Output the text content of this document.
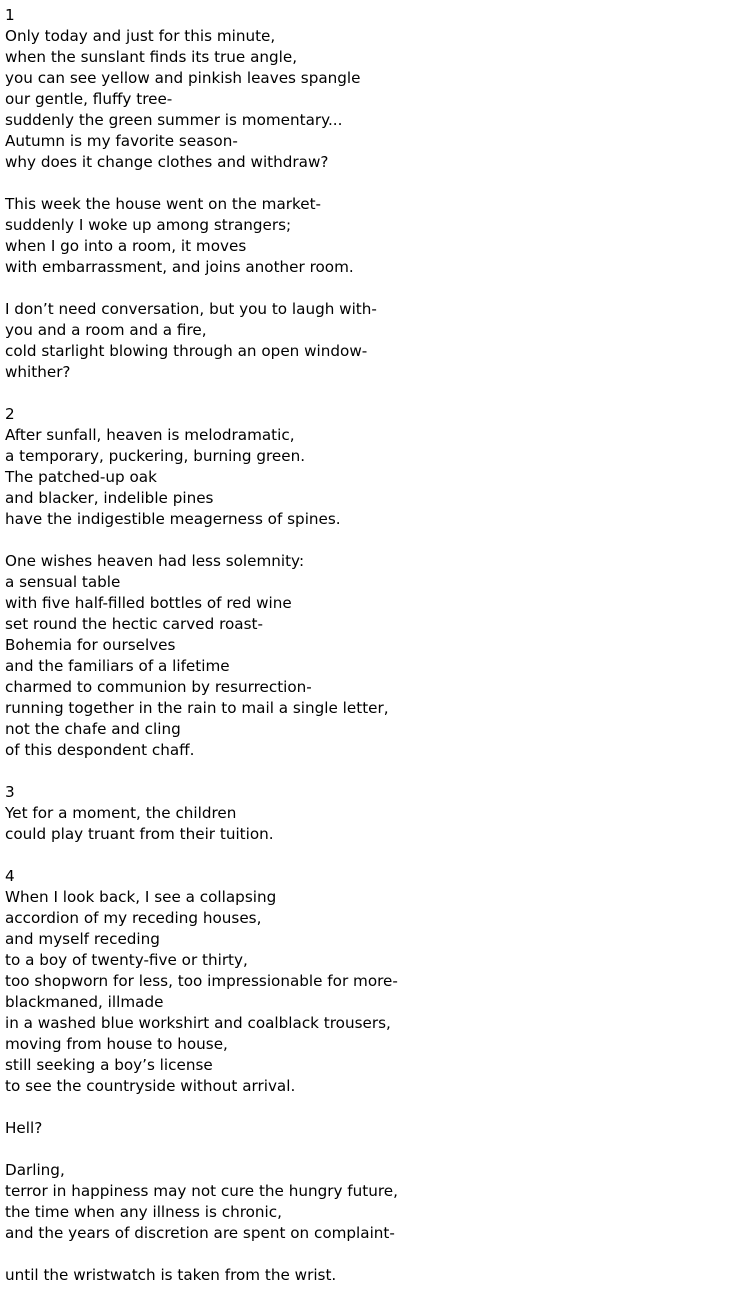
1
Only today and just for this minute,
when the sunslant finds its true angle,
you can see yellow and pinkish leaves spangle
our gentle, fluffy tree-
suddenly the green summer is momentary...
Autumn is my favorite season-
why does it change clothes and withdraw?
This week the house went on the market-
suddenly I woke up among strangers;
when I go into a room, it moves
with embarrassment, and joins another room.
I don’t need conversation, but you to laugh with-
you and a room and a fire,
cold starlight blowing through an open window-
whither?
2
After sunfall, heaven is melodramatic,
a temporary, puckering, burning green.
The patched-up oak
and blacker, indelible pines
have the indigestible meagerness of spines.
One wishes heaven had less solemnity:
a sensual table
with five half-filled bottles of red wine
set round the hectic carved roast-
Bohemia for ourselves
and the familiars of a lifetime
charmed to communion by resurrection-
running together in the rain to mail a single letter,
not the chafe and cling
of this despondent chaff.
3
Yet for a moment, the children
could play truant from their tuition.
4
When I look back, I see a collapsing
accordion of my receding houses,
and myself receding
to a boy of twenty-five or thirty,
too shopworn for less, too impressionable for more-
blackmaned, illmade
in a washed blue workshirt and coalblack trousers,
moving from house to house,
still seeking a boy’s license
to see the countryside without arrival.
Hell?
Darling,
terror in happiness may not cure the hungry future,
the time when any illness is chronic,
and the years of discretion are spent on complaint-
until the wristwatch is taken from the wrist.
